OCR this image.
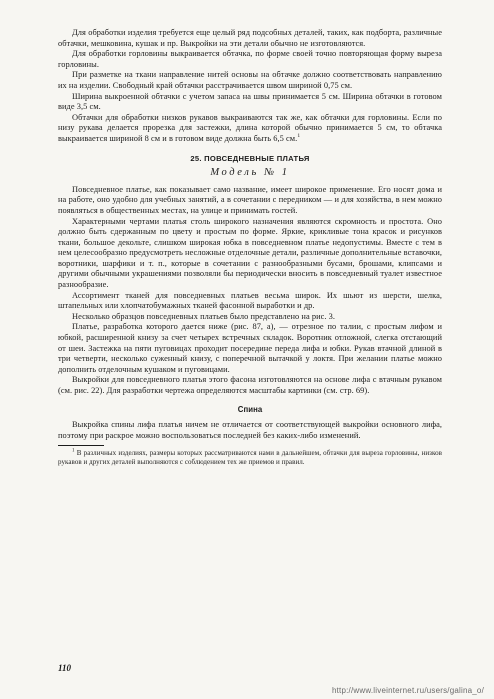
Для обработки изделия требуется еще целый ряд подсобных деталей, таких, как подборта, различные обтачки, мешковина, кушак и пр. Выкройки на эти детали обычно не изготовляются.

Для обработки горловины выкраивается обтачка, по форме своей точно повторяющая форму выреза горловины.

При разметке на ткани направление нитей основы на обтачке должно соответствовать направлению их на изделии. Свободный край обтачки расстрачивается швом шириной 0,75 см.

Ширина выкроенной обтачки с учетом запаса на швы принимается 5 см. Ширина обтачки в готовом виде 3,5 см.

Обтачки для обработки низков рукавов выкраиваются так же, как обтачки для горловины. Если по низу рукава делается прорезка для застежки, длина которой обычно принимается 5 см, то обтачка выкраивается шириной 8 см и в готовом виде должна быть 6,5 см.$^1$

25. ПОВСЕДНЕВНЫЕ ПЛАТЬЯ
Модель № 1

Повседневное платье, как показывает само название, имеет широкое применение. Его носят дома и на работе, оно удобно для учебных занятий, а в сочетании с передником — и для хозяйства, в нем можно появляться в общественных местах, на улице и принимать гостей.

Характерными чертами платья столь широкого назначения являются скромность и простота. Оно должно быть сдержанным по цвету и простым по форме. Яркие, крикливые тона красок и рисунков ткани, большое декольте, слишком широкая юбка в повседневном платье недопустимы. Вместе с тем в нем целесообразно предусмотреть несложные отделочные детали, различные дополнительные вставочки, воротники, шарфики и т. п., которые в сочетании с разнообразными бусами, брошами, клипсами и другими обычными украшениями позволяли бы периодически вносить в повседневный туалет известное разнообразие.

Ассортимент тканей для повседневных платьев весьма широк. Их шьют из шерсти, шелка, штапельных или хлопчатобумажных тканей фасонной выработки и др.

Несколько образцов повседневных платьев было представлено на рис. 3.

Платье, разработка которого дается ниже (рис. 87, а), — отрезное по талии, с простым лифом и юбкой, расширенной книзу за счет четырех встречных складок. Воротник отложной, слегка отстающий от шеи. Застежка на пяти пуговицах проходит посередине переда лифа и юбки. Рукав втачной длиной в три четверти, несколько суженный книзу, с поперечной вытачкой у локтя. При желании платье можно дополнить отделочным кушаком и пуговицами.

Выкройки для повседневного платья этого фасона изготовляются на основе лифа с втачным рукавом (см. рис. 22). Для разработки чертежа определяются масштабы картинки (см. стр. 69).

Спина

Выкройка спины лифа платья ничем не отличается от соответствующей выкройки основного лифа, поэтому при раскрое можно воспользоваться последней без каких-либо изменений.

$^1$ В различных изделиях, размеры которых рассматриваются нами в дальнейшем, обтачки для выреза горловины, низков рукавов и других деталей выполняются с соблюдением тех же приемов и правил.

110
http://www.liveinternet.ru/users/galina_o/
